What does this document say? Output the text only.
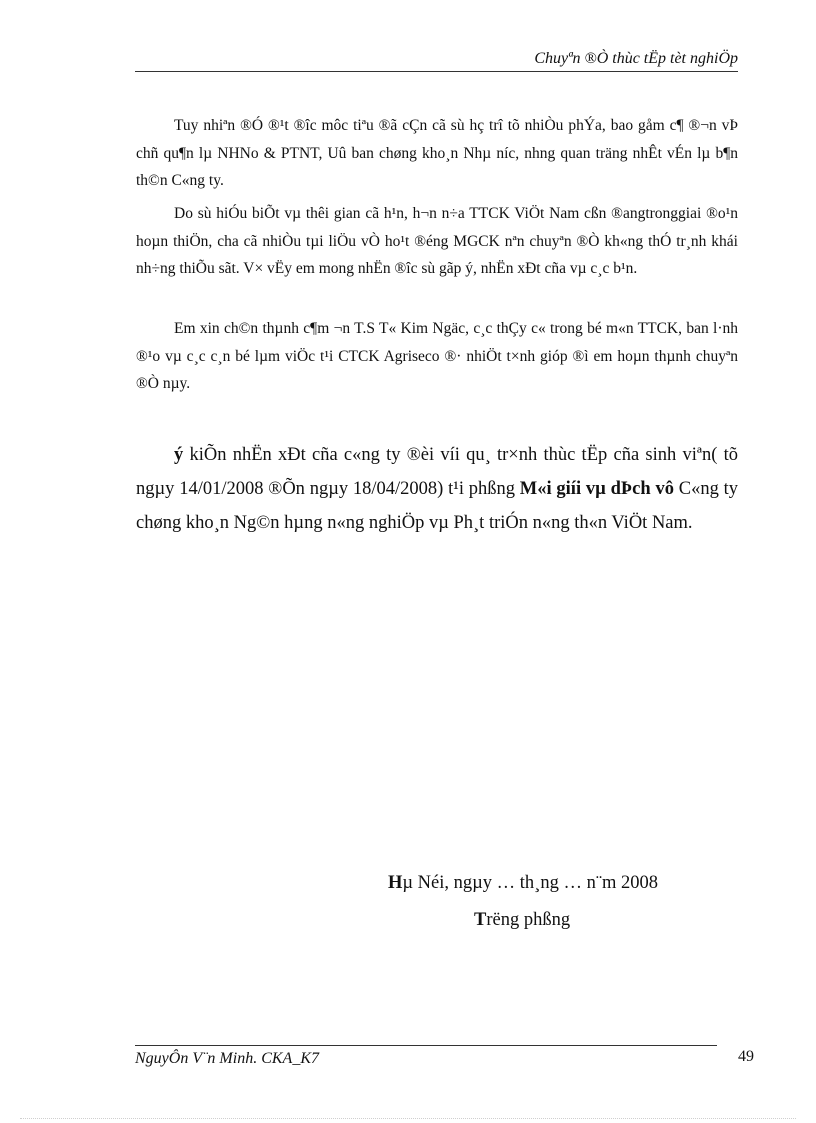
Chuyªn ®Ò thùc tËp tèt nghiÖp

Tuy nhiªn ®Ó ®¹t ®îc môc tiªu ®ã cÇn cã sù hç trî tõ nhiÒu phÝa, bao gåm c¶ ®¬n vÞ chñ qu¶n lµ NHNo & PTNT, Uû ban chøng kho¸n Nhµ níc, nhng quan träng nhÊt vÉn lµ b¶n th©n C«ng ty.

Do sù hiÓu biÕt vµ thêi gian cã h¹n, h¬n n÷a TTCK ViÖt Nam cßn ®angtronggiai ®o¹n hoµn thiÖn, cha cã nhiÒu tµi liÖu vÒ ho¹t ®éng MGCK nªn chuyªn ®Ò kh«ng thÓ tr¸nh khái nh÷ng thiÕu sãt. V× vËy em mong nhËn ®îc sù gãp ý, nhËn xÐt cña vµ c¸c b¹n.

Em xin ch©n thµnh c¶m ¬n T.S T« Kim Ngäc, c¸c thÇy c« trong bé m«n TTCK, ban l·nh ®¹o vµ c¸c c¸n bé lµm viÖc t¹i CTCK Agriseco ®· nhiÖt t×nh gióp ®ì em hoµn thµnh chuyªn ®Ò nµy.

ý kiÕn nhËn xÐt cña c«ng ty ®èi víi qu¸ tr×nh thùc tËp cña sinh viªn( tõ ngµy 14/01/2008 ®Õn ngµy 18/04/2008) t¹i phßng M«i giíi vµ dÞch vô C«ng ty chøng kho¸n Ng©n hµng n«ng nghiÖp vµ Ph¸t triÓn n«ng th«n ViÖt Nam.

Hµ Néi, ngµy … th¸ng … n¨m 2008
Trëng phßng
NguyÔn V¨n Minh. CKA_K7	49
